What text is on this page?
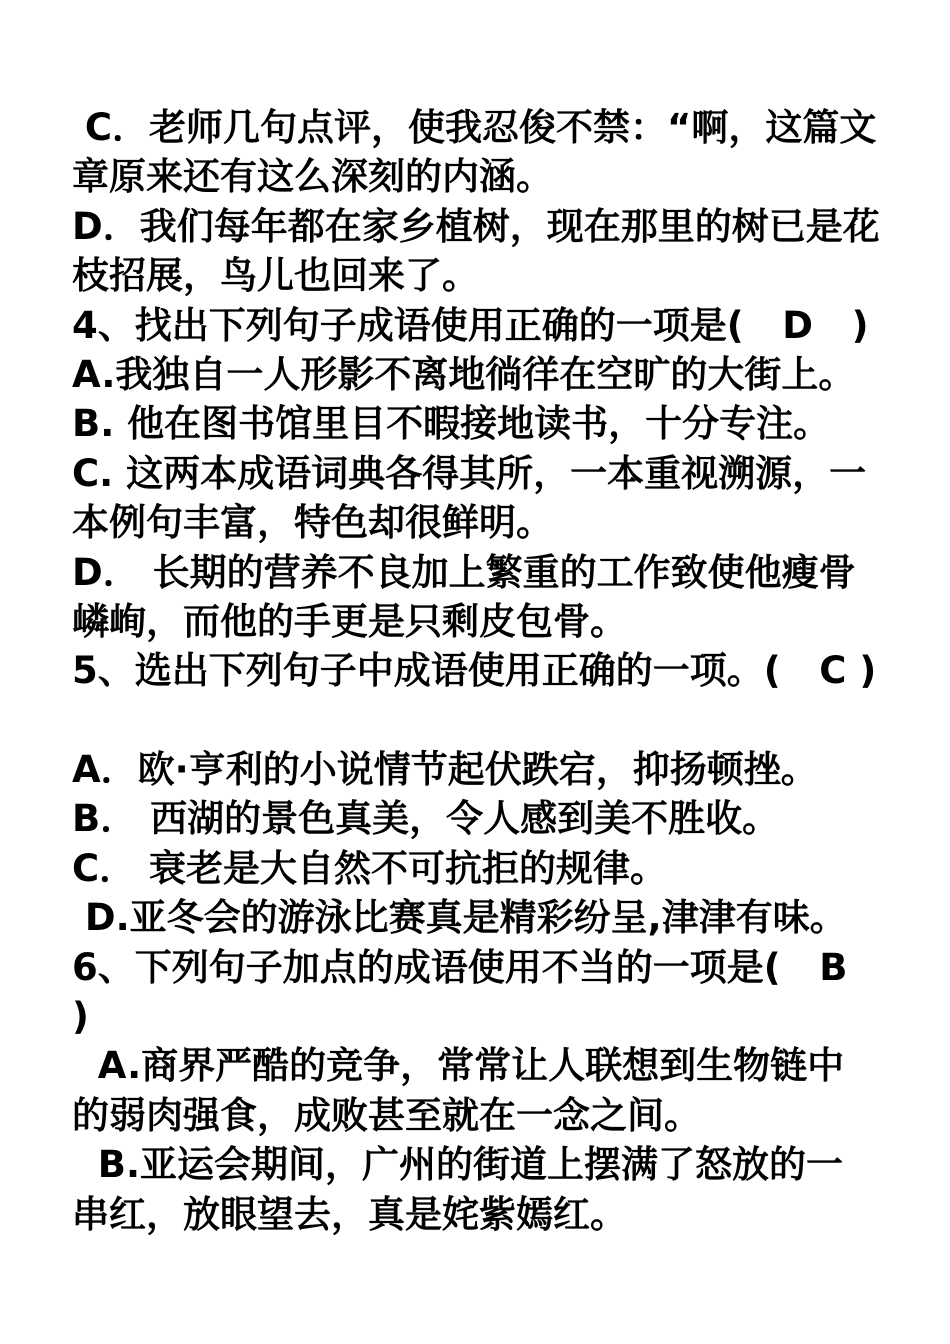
C．老师几句点评，使我忍俊不禁：“啊，这篇文
章原来还有这么深刻的内涵。
D．我们每年都在家乡植树，现在那里的树已是花
枝招展，鸟儿也回来了。
4、找出下列句子成语使用正确的一项是(   D   )
A.我独自一人形影不离地徜徉在空旷的大街上。
B. 他在图书馆里目不暇接地读书，十分专注。
C. 这两本成语词典各得其所，一本重视溯源，一
本例句丰富，特色却很鲜明。
D． 长期的营养不良加上繁重的工作致使他瘦骨
嶙峋，而他的手更是只剩皮包骨。
5、选出下列句子中成语使用正确的一项。(   C )
A．欧·亨利的小说情节起伏跌宕，抑扬顿挫。
B． 西湖的景色真美，令人感到美不胜收。
C． 衰老是大自然不可抗拒的规律。
D.亚冬会的游泳比赛真是精彩纷呈,津津有味。
6、下列句子加点的成语使用不当的一项是(   B
)
A.商界严酷的竞争，常常让人联想到生物链中
的弱肉强食，成败甚至就在一念之间。
B.亚运会期间，广州的街道上摆满了怒放的一
串红，放眼望去，真是姹紫嫣红。
